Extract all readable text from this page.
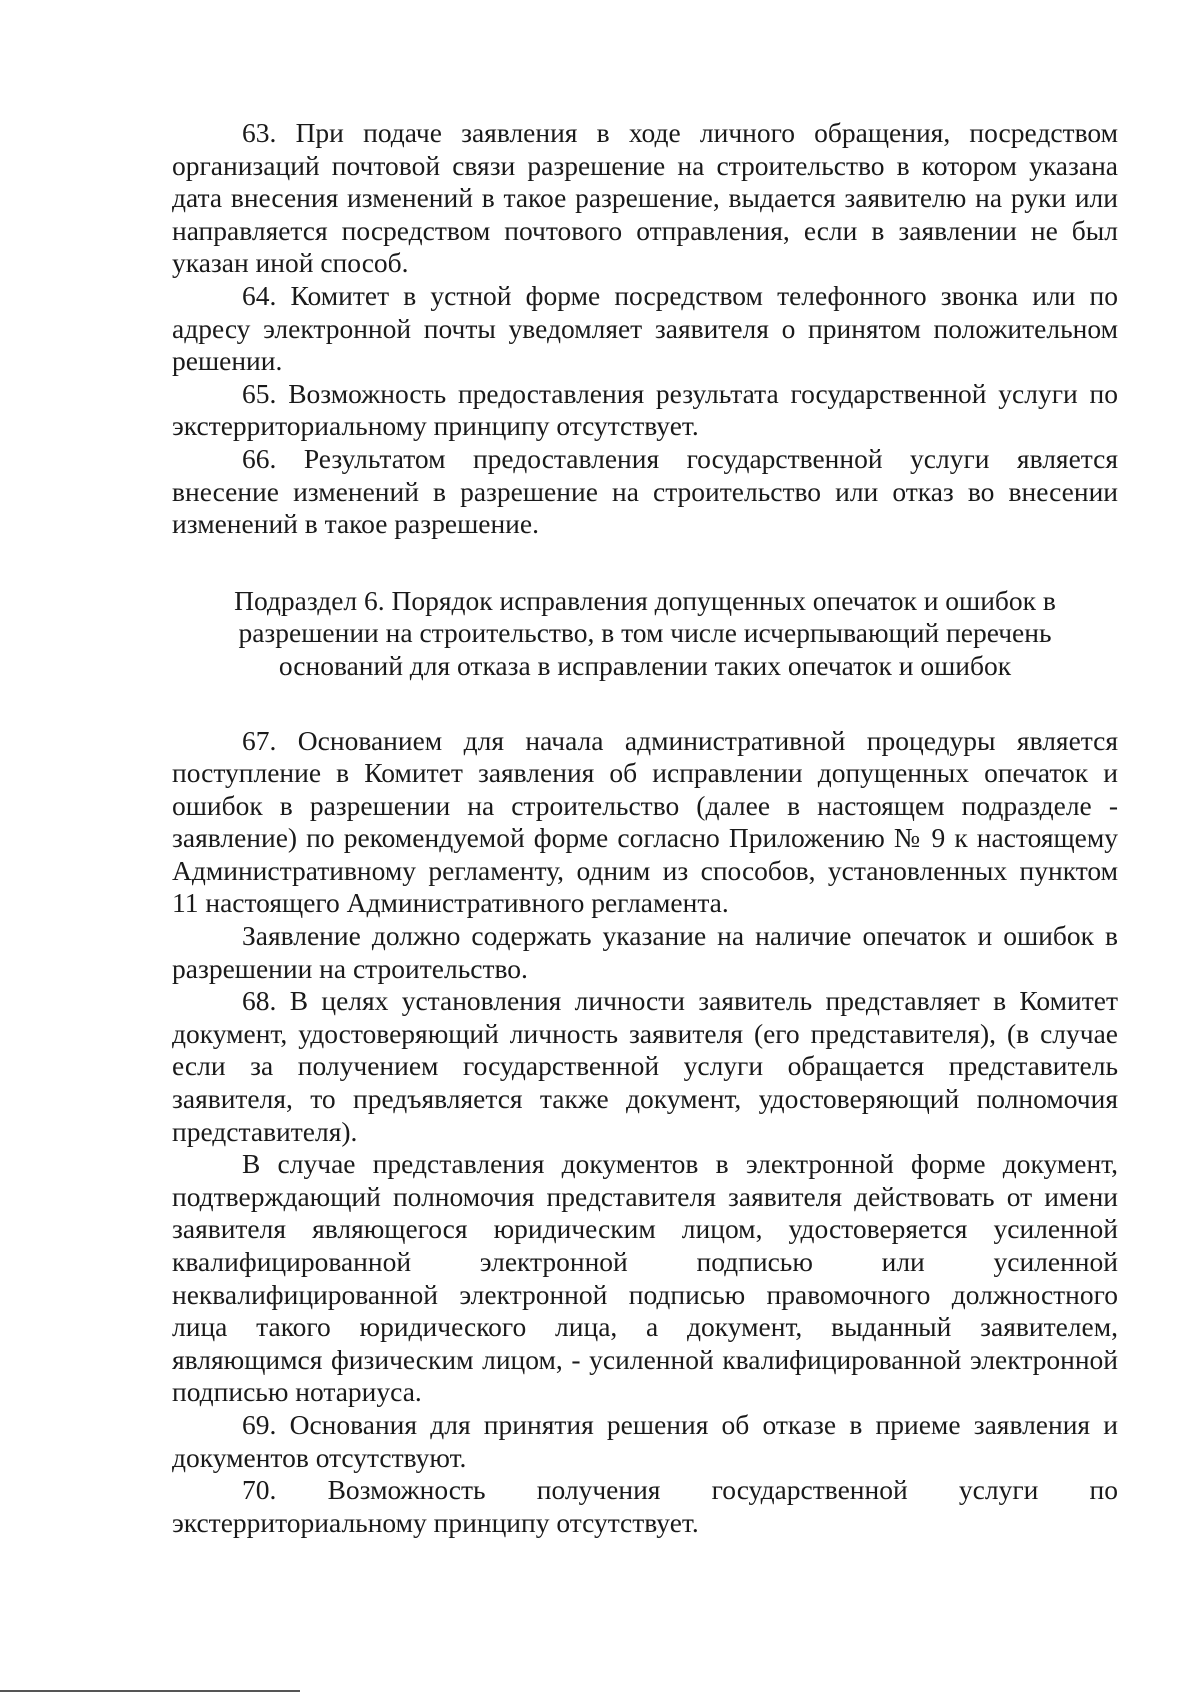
63. При подаче заявления в ходе личного обращения, посредством организаций почтовой связи разрешение на строительство в котором указана дата внесения изменений в такое разрешение, выдается заявителю на руки или направляется посредством почтового отправления, если в заявлении не был указан иной способ.

64. Комитет в устной форме посредством телефонного звонка или по адресу электронной почты уведомляет заявителя о принятом положительном решении.

65. Возможность предоставления результата государственной услуги по экстерриториальному принципу отсутствует.

66. Результатом предоставления государственной услуги является внесение изменений в разрешение на строительство или отказ во внесении изменений в такое разрешение.

Подраздел 6. Порядок исправления допущенных опечаток и ошибок в
разрешении на строительство, в том числе исчерпывающий перечень
оснований для отказа в исправлении таких опечаток и ошибок

67. Основанием для начала административной процедуры является поступление в Комитет заявления об исправлении допущенных опечаток и ошибок в разрешении на строительство (далее в настоящем подразделе - заявление) по рекомендуемой форме согласно Приложению № 9 к настоящему Административному регламенту, одним из способов, установленных пунктом 11 настоящего Административного регламента.

Заявление должно содержать указание на наличие опечаток и ошибок в разрешении на строительство.

68. В целях установления личности заявитель представляет в Комитет документ, удостоверяющий личность заявителя (его представителя), (в случае если за получением государственной услуги обращается представитель заявителя, то предъявляется также документ, удостоверяющий полномочия представителя).

В случае представления документов в электронной форме документ, подтверждающий полномочия представителя заявителя действовать от имени заявителя являющегося юридическим лицом, удостоверяется усиленной квалифицированной электронной подписью или усиленной неквалифицированной электронной подписью правомочного должностного лица такого юридического лица, а документ, выданный заявителем, являющимся физическим лицом, - усиленной квалифицированной электронной подписью нотариуса.

69. Основания для принятия решения об отказе в приеме заявления и документов отсутствуют.

70. Возможность получения государственной услуги по экстерриториальному принципу отсутствует.
